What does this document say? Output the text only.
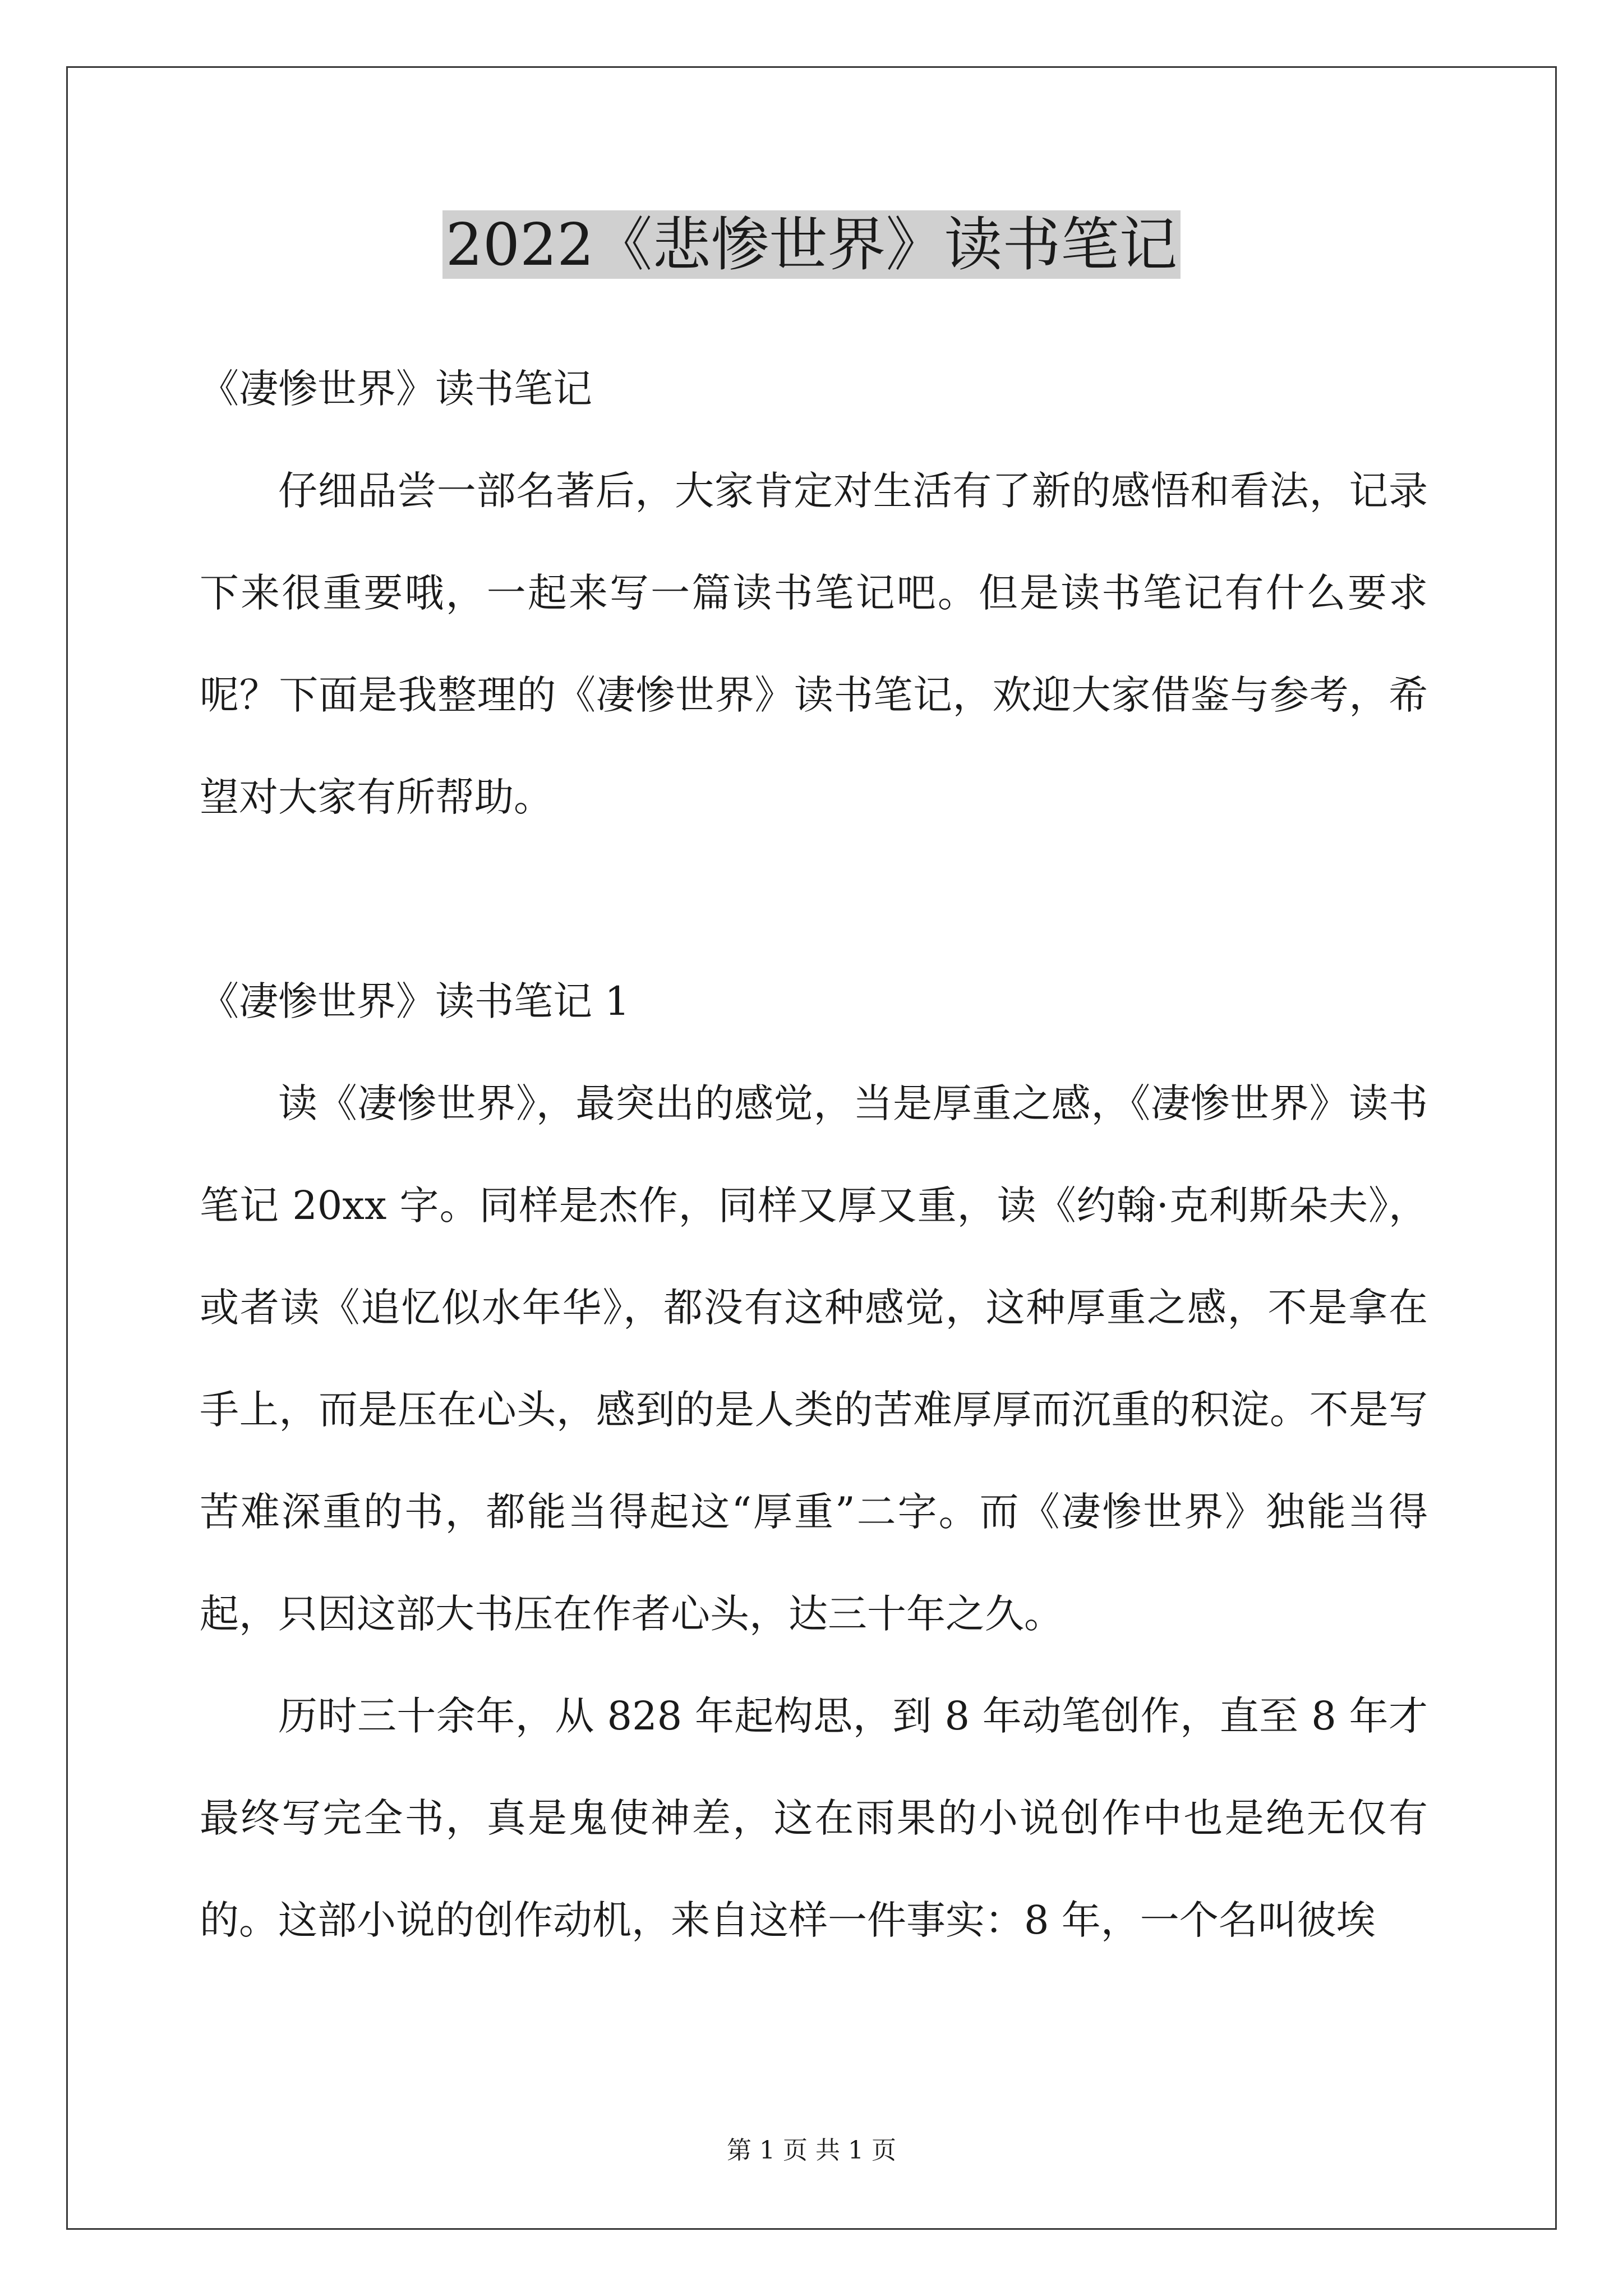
2022《悲惨世界》读书笔记

《凄惨世界》读书笔记

仔细品尝一部名著后，大家肯定对生活有了新的感悟和看法，记录下来很重要哦，一起来写一篇读书笔记吧。但是读书笔记有什么要求呢？下面是我整理的《凄惨世界》读书笔记，欢迎大家借鉴与参考，希望对大家有所帮助。

《凄惨世界》读书笔记 1

读《凄惨世界》，最突出的感觉，当是厚重之感，《凄惨世界》读书笔记 20xx 字。同样是杰作，同样又厚又重，读《约翰·克利斯朵夫》，或者读《追忆似水年华》，都没有这种感觉，这种厚重之感，不是拿在手上，而是压在心头，感到的是人类的苦难厚厚而沉重的积淀。不是写苦难深重的书，都能当得起这“厚重”二字。而《凄惨世界》独能当得起，只因这部大书压在作者心头，达三十年之久。

历时三十余年，从 828 年起构思，到 8 年动笔创作，直至 8 年才最终写完全书，真是鬼使神差，这在雨果的小说创作中也是绝无仅有的。这部小说的创作动机，来自这样一件事实：8 年，一个名叫彼埃

第 1 页 共 1 页
